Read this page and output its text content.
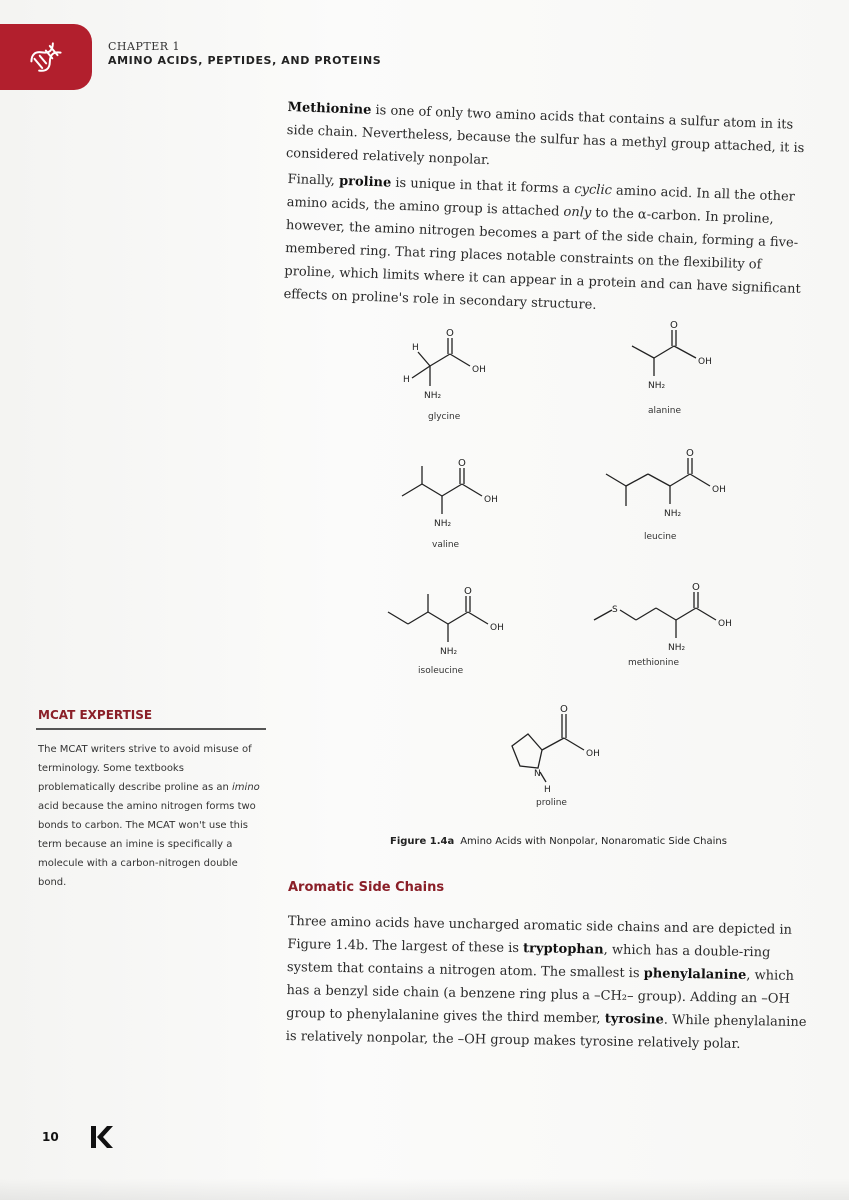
CHAPTER 1
AMINO ACIDS, PEPTIDES, AND PROTEINS

Methionine is one of only two amino acids that contains a sulfur atom in its side chain. Nevertheless, because the sulfur has a methyl group attached, it is considered relatively nonpolar.

Finally, proline is unique in that it forms a cyclic amino acid. In all the other amino acids, the amino group is attached only to the α-carbon. In proline, however, the amino nitrogen becomes a part of the side chain, forming a five-membered ring. That ring places notable constraints on the flexibility of proline, which limits where it can appear in a protein and can have significant effects on proline's role in secondary structure.

O
OH
H
H
NH₂
glycine
O
OH
NH₂
alanine
O
OH
NH₂
valine
O
OH
NH₂
leucine
O
OH
NH₂
isoleucine
S
O
OH
NH₂
methionine
O
OH
N
H
proline
Figure 1.4a Amino Acids with Nonpolar, Nonaromatic Side Chains
MCAT EXPERTISE
The MCAT writers strive to avoid misuse of terminology. Some textbooks problematically describe proline as an imino acid because the amino nitrogen forms two bonds to carbon. The MCAT won't use this term because an imine is specifically a molecule with a carbon-nitrogen double bond.	Aromatic Side Chains

Three amino acids have uncharged aromatic side chains and are depicted in Figure 1.4b. The largest of these is tryptophan, which has a double-ring system that contains a nitrogen atom. The smallest is phenylalanine, which has a benzyl side chain (a benzene ring plus a –CH₂– group). Adding an –OH group to phenylalanine gives the third member, tyrosine. While phenylalanine is relatively nonpolar, the –OH group makes tyrosine relatively polar.

10
